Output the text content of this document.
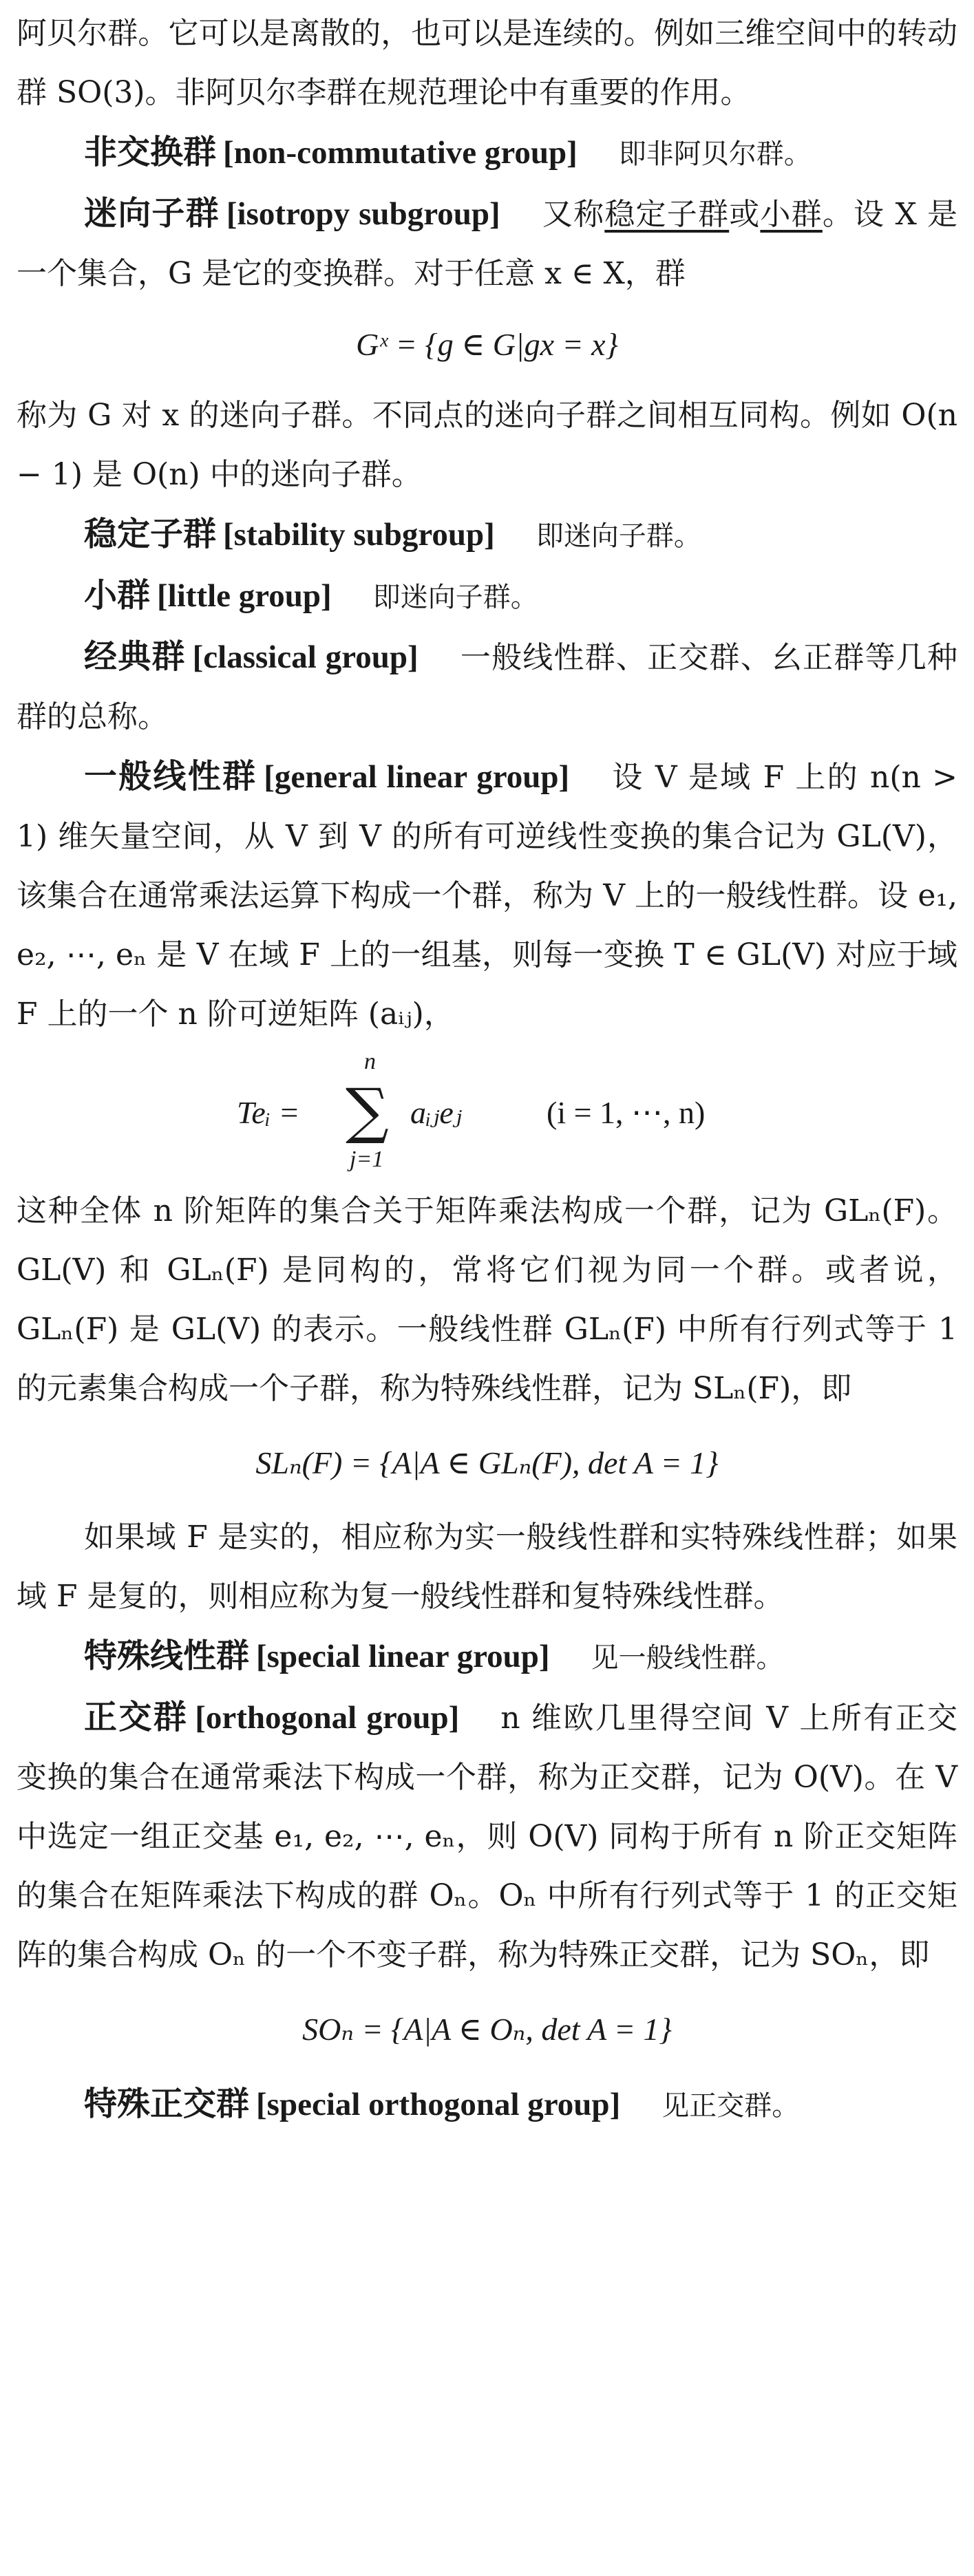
阿贝尔群。它可以是离散的，也可以是连续的。例如三维空间中的转动群 SO(3)。非阿贝尔李群在规范理论中有重要的作用。

非交换群 [non-commutative group] 即非阿贝尔群。

迷向子群 [isotropy subgroup] 又称稳定子群或小群。设 X 是一个集合，G 是它的变换群。对于任意 x ∈ X，群

Gˣ = {g ∈ G|gx = x}

称为 G 对 x 的迷向子群。不同点的迷向子群之间相互同构。例如 O(n − 1) 是 O(n) 中的迷向子群。

稳定子群 [stability subgroup] 即迷向子群。

小群 [little group] 即迷向子群。

经典群 [classical group] 一般线性群、正交群、幺正群等几种群的总称。

一般线性群 [general linear group] 设 V 是域 F 上的 n(n > 1) 维矢量空间，从 V 到 V 的所有可逆线性变换的集合记为 GL(V)，该集合在通常乘法运算下构成一个群，称为 V 上的一般线性群。设 e₁, e₂, ⋯, eₙ 是 V 在域 F 上的一组基，则每一变换 T ∈ GL(V) 对应于域 F 上的一个 n 阶可逆矩阵 (aᵢⱼ)，

Teᵢ =
n
∑
j=1
aᵢⱼeⱼ	(i = 1, ⋯, n)

这种全体 n 阶矩阵的集合关于矩阵乘法构成一个群，记为 GLₙ(F)。GL(V) 和 GLₙ(F) 是同构的，常将它们视为同一个群。或者说，GLₙ(F) 是 GL(V) 的表示。一般线性群 GLₙ(F) 中所有行列式等于 1 的元素集合构成一个子群，称为特殊线性群，记为 SLₙ(F)，即

SLₙ(F) = {A|A ∈ GLₙ(F), det A = 1}

如果域 F 是实的，相应称为实一般线性群和实特殊线性群；如果域 F 是复的，则相应称为复一般线性群和复特殊线性群。

特殊线性群 [special linear group] 见一般线性群。

正交群 [orthogonal group] n 维欧几里得空间 V 上所有正交变换的集合在通常乘法下构成一个群，称为正交群，记为 O(V)。在 V 中选定一组正交基 e₁, e₂, ⋯, eₙ，则 O(V) 同构于所有 n 阶正交矩阵的集合在矩阵乘法下构成的群 Oₙ。Oₙ 中所有行列式等于 1 的正交矩阵的集合构成 Oₙ 的一个不变子群，称为特殊正交群，记为 SOₙ，即

SOₙ = {A|A ∈ Oₙ, det A = 1}

特殊正交群 [special orthogonal group] 见正交群。
